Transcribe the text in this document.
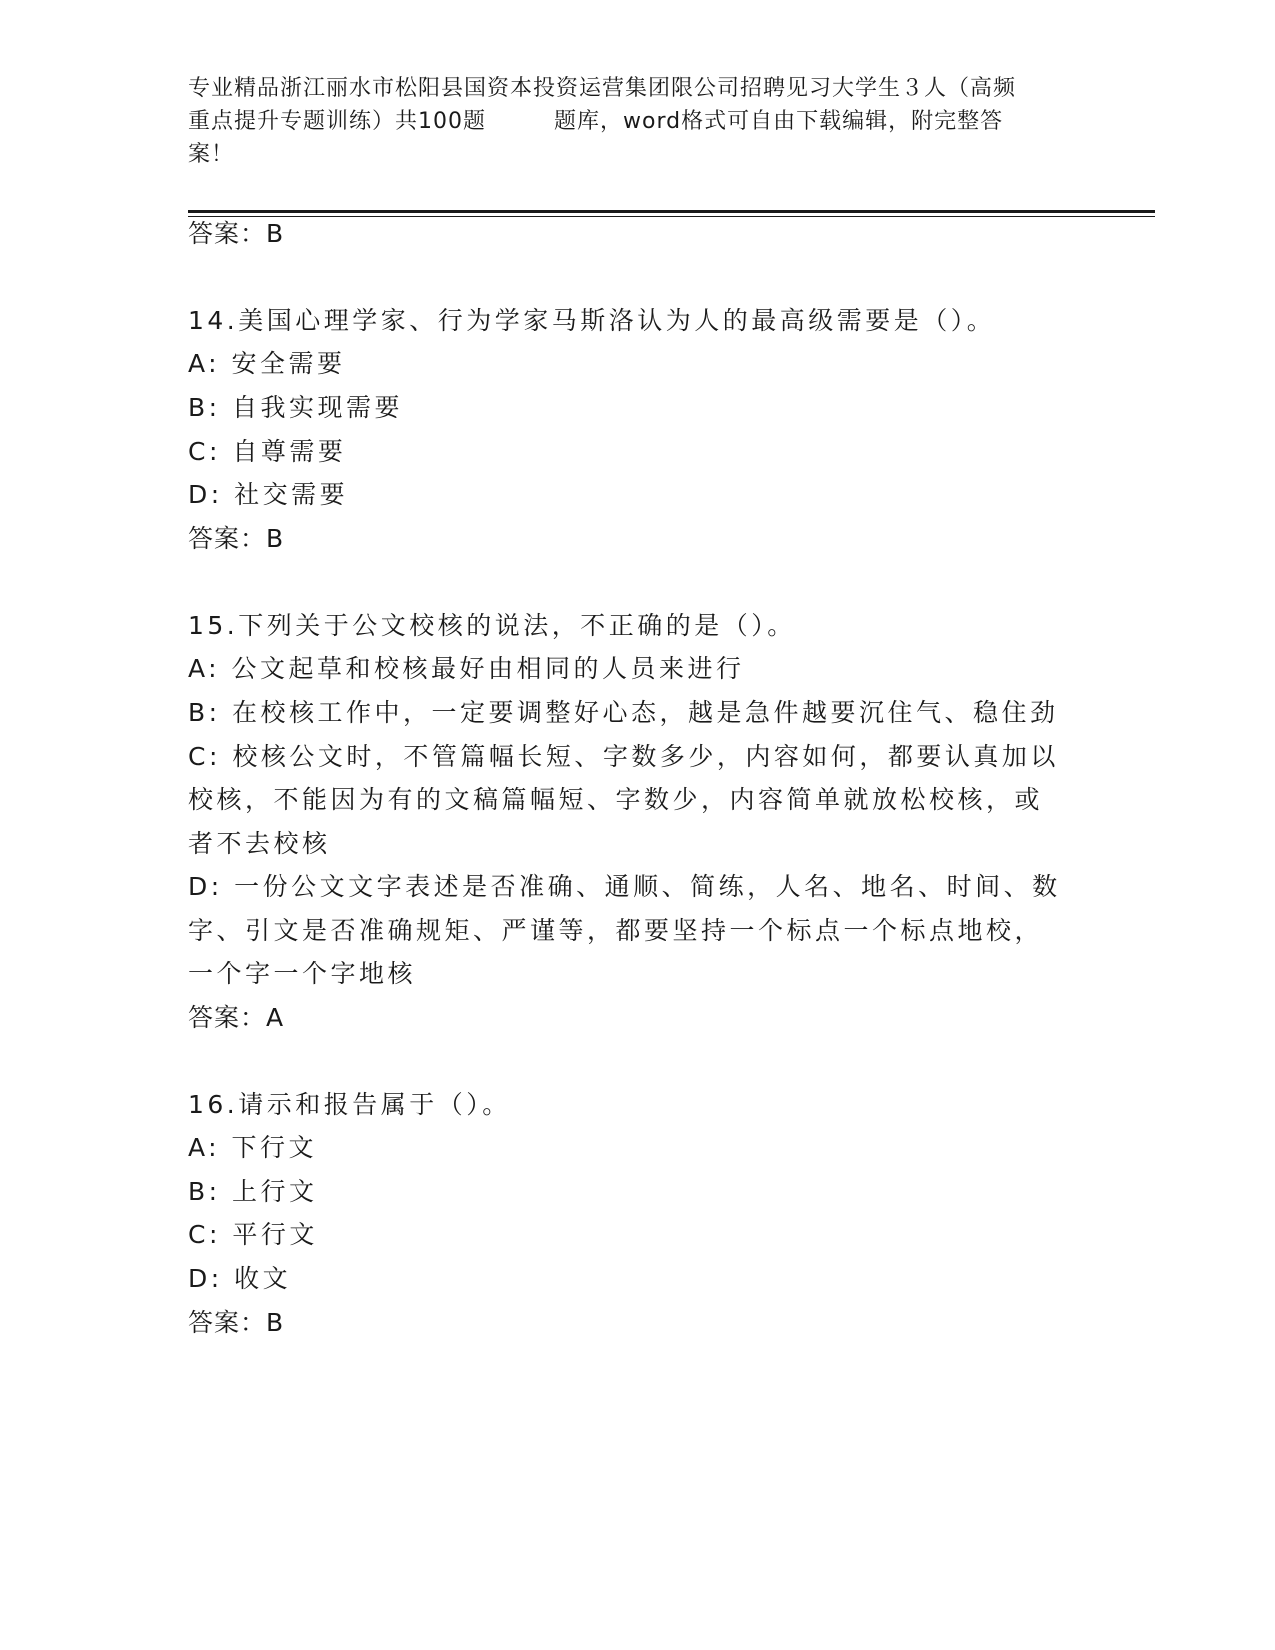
专业精品浙江丽水市松阳县国资本投资运营集团限公司招聘见习大学生３人（高频
重点提升专题训练）共100题	题库，word格式可自由下载编辑，附完整答
案！
答案：B
14.美国心理学家、行为学家马斯洛认为人的最高级需要是（）。
A: 安全需要
B: 自我实现需要
C: 自尊需要
D: 社交需要
答案：B
15.下列关于公文校核的说法，不正确的是（）。
A: 公文起草和校核最好由相同的人员来进行
B: 在校核工作中，一定要调整好心态，越是急件越要沉住气、稳住劲
C: 校核公文时，不管篇幅长短、字数多少，内容如何，都要认真加以
校核，不能因为有的文稿篇幅短、字数少，内容简单就放松校核，或
者不去校核
D: 一份公文文字表述是否准确、通顺、简练，人名、地名、时间、数
字、引文是否准确规矩、严谨等，都要坚持一个标点一个标点地校，
一个字一个字地核
答案：A
16.请示和报告属于（）。
A: 下行文
B: 上行文
C: 平行文
D: 收文
答案：B
